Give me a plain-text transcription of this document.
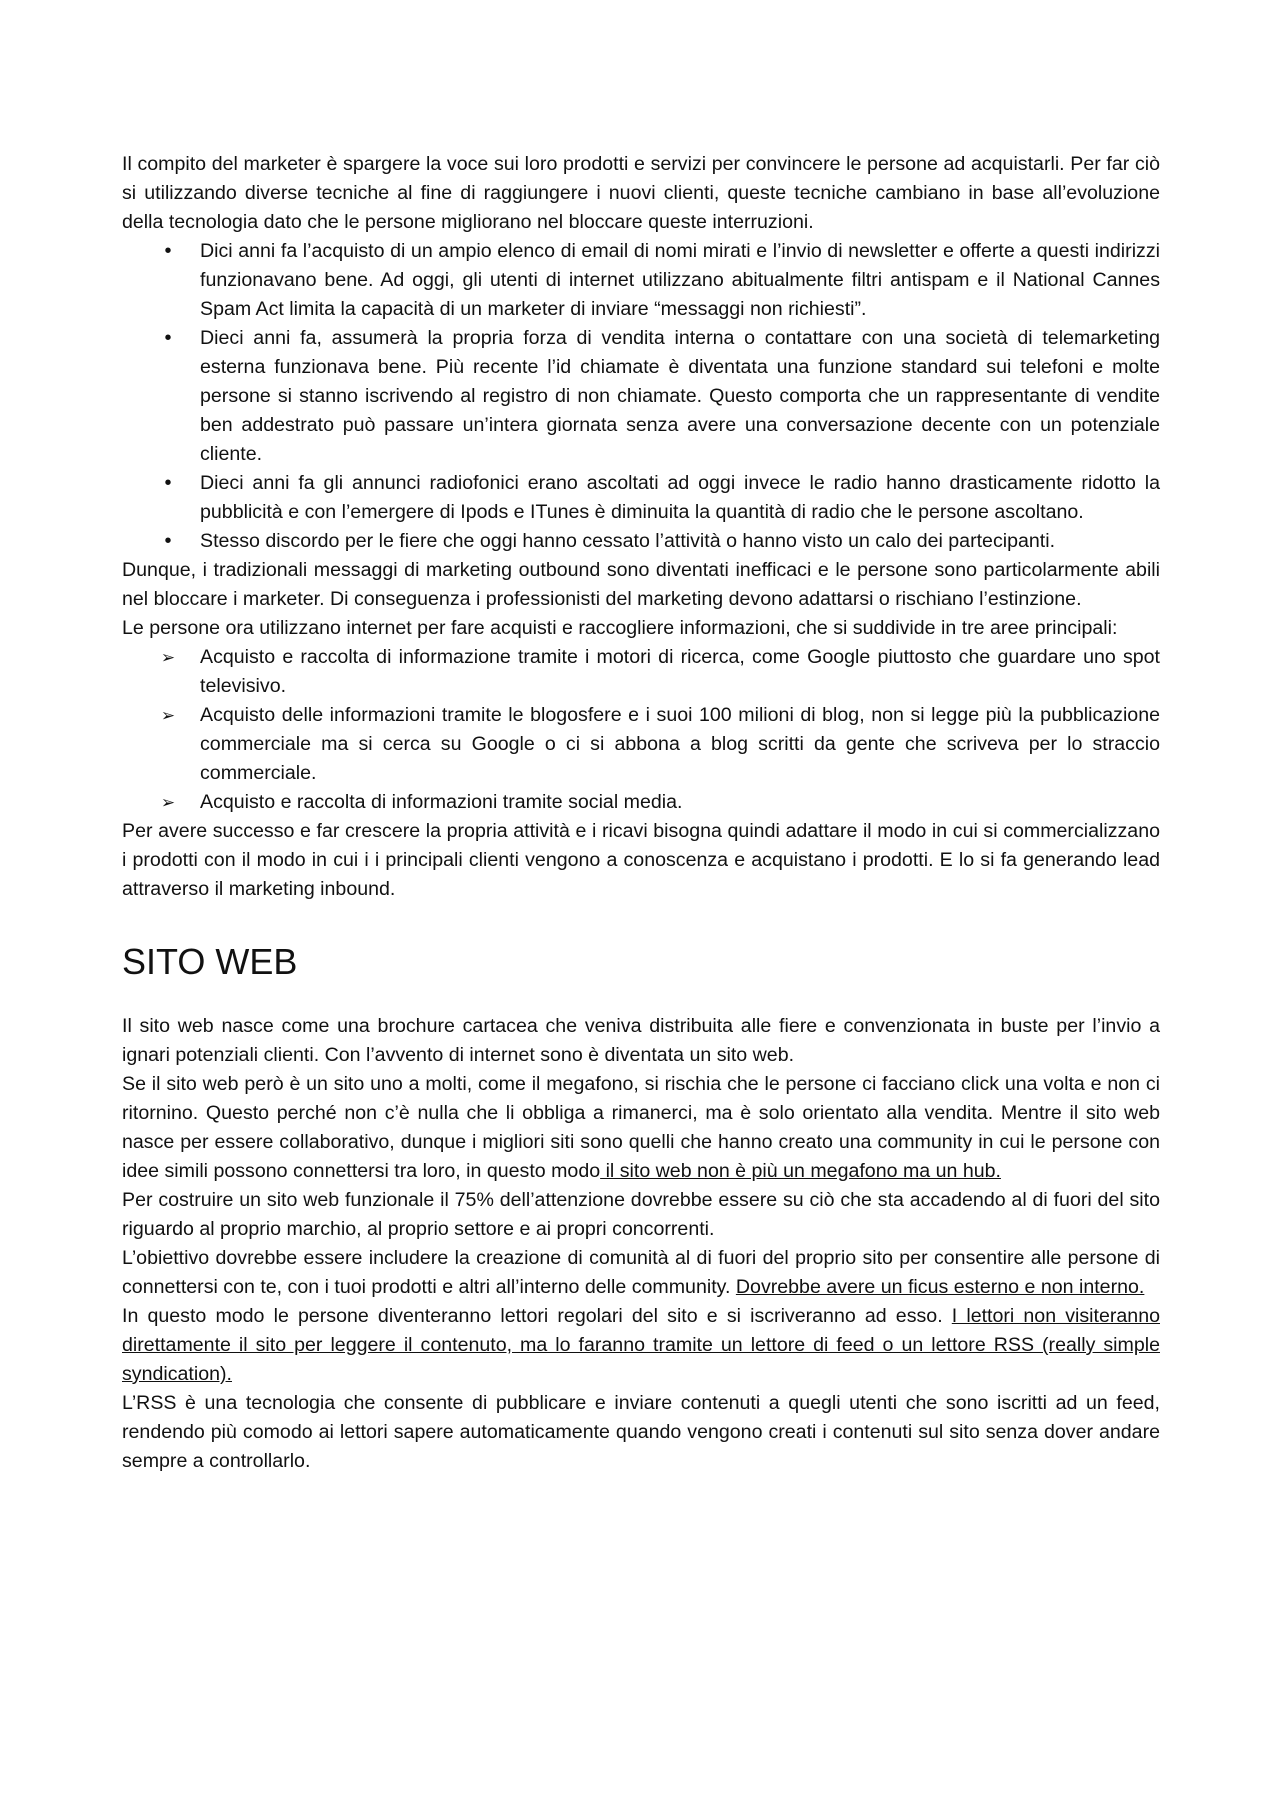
Il compito del marketer è spargere la voce sui loro prodotti e servizi per convincere le persone ad acquistarli. Per far ciò si utilizzando diverse tecniche al fine di raggiungere i nuovi clienti, queste tecniche cambiano in base all’evoluzione della tecnologia dato che le persone migliorano nel bloccare queste interruzioni.

•	Dici anni fa l’acquisto di un ampio elenco di email di nomi mirati e l’invio di newsletter e offerte a questi indirizzi funzionavano bene. Ad oggi, gli utenti di internet utilizzano abitualmente filtri antispam e il National Cannes Spam Act limita la capacità di un marketer di inviare “messaggi non richiesti”.
•	Dieci anni fa, assumerà la propria forza di vendita interna o contattare con una società di telemarketing esterna funzionava bene. Più recente l’id chiamate è diventata una funzione standard sui telefoni e molte persone si stanno iscrivendo al registro di non chiamate. Questo comporta che un rappresentante di vendite ben addestrato può passare un’intera giornata senza avere una conversazione decente con un potenziale cliente.
•	Dieci anni fa gli annunci radiofonici erano ascoltati ad oggi invece le radio hanno drasticamente ridotto la pubblicità e con l’emergere di Ipods e ITunes è diminuita la quantità di radio che le persone ascoltano.
•	Stesso discordo per le fiere che oggi hanno cessato l’attività o hanno visto un calo dei partecipanti.

Dunque, i tradizionali messaggi di marketing outbound sono diventati inefficaci e le persone sono particolarmente abili nel bloccare i marketer. Di conseguenza i professionisti del marketing devono adattarsi o rischiano l’estinzione.

Le persone ora utilizzano internet per fare acquisti e raccogliere informazioni, che si suddivide in tre aree principali:

➢ Acquisto e raccolta di informazione tramite i motori di ricerca, come Google piuttosto che guardare uno spot televisivo.
➢ Acquisto delle informazioni tramite le blogosfere e i suoi 100 milioni di blog, non si legge più la pubblicazione commerciale ma si cerca su Google o ci si abbona a blog scritti da gente che scriveva per lo straccio commerciale.
➢ Acquisto e raccolta di informazioni tramite social media.

Per avere successo e far crescere la propria attività e i ricavi bisogna quindi adattare il modo in cui si commercializzano i prodotti con il modo in cui i i principali clienti vengono a conoscenza e acquistano i prodotti. E lo si fa generando lead attraverso il marketing inbound.

SITO WEB

Il sito web nasce come una brochure cartacea che veniva distribuita alle fiere e convenzionata in buste per l’invio a ignari potenziali clienti. Con l’avvento di internet sono è diventata un sito web.

Se il sito web però è un sito uno a molti, come il megafono, si rischia che le persone ci facciano click una volta e non ci ritornino. Questo perché non c’è nulla che li obbliga a rimanerci, ma è solo orientato alla vendita. Mentre il sito web nasce per essere collaborativo, dunque i migliori siti sono quelli che hanno creato una community in cui le persone con idee simili possono connettersi tra loro, in questo modo il sito web non è più un megafono ma un hub.

Per costruire un sito web funzionale il 75% dell’attenzione dovrebbe essere su ciò che sta accadendo al di fuori del sito riguardo al proprio marchio, al proprio settore e ai propri concorrenti.

L’obiettivo dovrebbe essere includere la creazione di comunità al di fuori del proprio sito per consentire alle persone di connettersi con te, con i tuoi prodotti e altri all’interno delle community. Dovrebbe avere un ficus esterno e non interno.

In questo modo le persone diventeranno lettori regolari del sito e si iscriveranno ad esso. I lettori non visiteranno direttamente il sito per leggere il contenuto, ma lo faranno tramite un lettore di feed o un lettore RSS (really simple syndication).

L’RSS è una tecnologia che consente di pubblicare e inviare contenuti a quegli utenti che sono iscritti ad un feed, rendendo più comodo ai lettori sapere automaticamente quando vengono creati i contenuti sul sito senza dover andare sempre a controllarlo.
